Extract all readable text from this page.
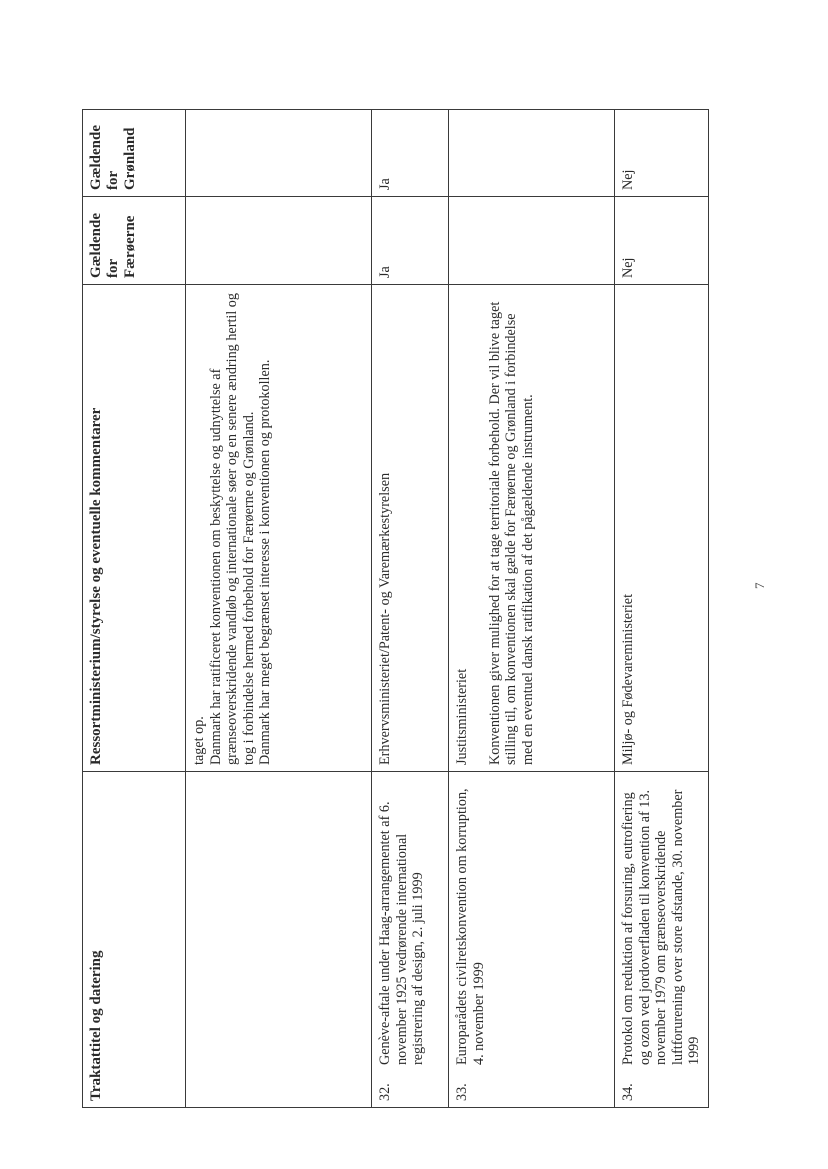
Traktattitel og datering	Ressortministerium/styrelse og eventuelle kommentarer	Gældende for Færøerne	Gældende for Grønland

	taget op. Danmark har ratificeret konventionen om beskyttelse og udnyttelse af grænseoverskridende vandløb og internationale søer og en senere ændring hertil og tog i forbindelse hermed forbehold for Færøerne og Grønland. Danmark har meget begrænset interesse i konventionen og protokollen.		

32.Genève-aftale under Haag-arrangementet af 6. november 1925 vedrørende international registrering af design, 2. juli 1999	Erhvervsministeriet/Patent- og Varemærkestyrelsen	Ja	Ja
33.Europarådets civilretskonvention om korruption, 4. november 1999	Justitsministeriet Konventionen giver mulighed for at tage territoriale forbehold. Der vil blive taget stilling til, om konventionen skal gælde for Færøerne og Grønland i forbindelse med en eventuel dansk ratifikation af det pågældende instrument.		

34.Protokol om reduktion af forsuring, eutrofiering og ozon ved jordoverfladen til konvention af 13. november 1979 om grænseoverskridende luftforurening over store afstande, 30. november 1999	Miljø- og Fødevareministeriet	Nej	Nej
7
